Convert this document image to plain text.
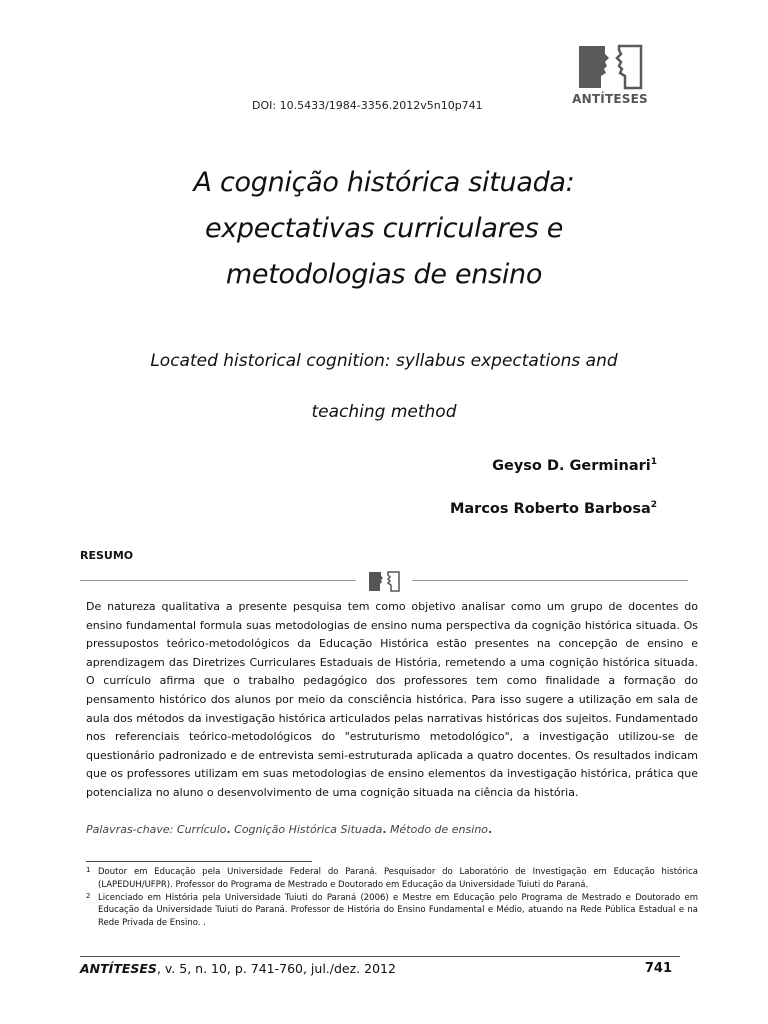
DOI: 10.5433/1984-3356.2012v5n10p741	ANTÍTESES
A cognição histórica situada:
expectativas curriculares e
metodologias de ensino
Located historical cognition: syllabus expectations and
teaching method
Geyso D. Germinari$^1$
Marcos Roberto Barbosa$^2$
RESUMO
De natureza qualitativa a presente pesquisa tem como objetivo analisar como um grupo de docentes do ensino fundamental formula suas metodologias de ensino numa perspectiva da cognição histórica situada. Os pressupostos teórico-metodológicos da Educação Histórica estão presentes na concepção de ensino e aprendizagem das Diretrizes Curriculares Estaduais de História, remetendo a uma cognição histórica situada. O currículo afirma que o trabalho pedagógico dos professores tem como finalidade a formação do pensamento histórico dos alunos por meio da consciência histórica. Para isso sugere a utilização em sala de aula dos métodos da investigação histórica articulados pelas narrativas históricas dos sujeitos. Fundamentado nos referenciais teórico-metodológicos do "estruturismo metodológico", a investigação utilizou-se de questionário padronizado e de entrevista semi-estruturada aplicada a quatro docentes. Os resultados indicam que os professores utilizam em suas metodologias de ensino elementos da investigação histórica, prática que potencializa no aluno o desenvolvimento de uma cognição situada na ciência da história.
Palavras-chave: Currículo. Cognição Histórica Situada. Método de ensino.
1 Doutor em Educação pela Universidade Federal do Paraná. Pesquisador do Laboratório de Investigação em Educação histórica (LAPEDUH/UFPR). Professor do Programa de Mestrado e Doutorado em Educação da Universidade Tuiuti do Paraná.
2 Licenciado em História pela Universidade Tuiuti do Paraná (2006) e Mestre em Educação pelo Programa de Mestrado e Doutorado em Educação da Universidade Tuiuti do Paraná. Professor de História do Ensino Fundamental e Médio, atuando na Rede Pública Estadual e na Rede Privada de Ensino. .
ANTÍTESES, v. 5, n. 10, p. 741-760, jul./dez. 2012	741
